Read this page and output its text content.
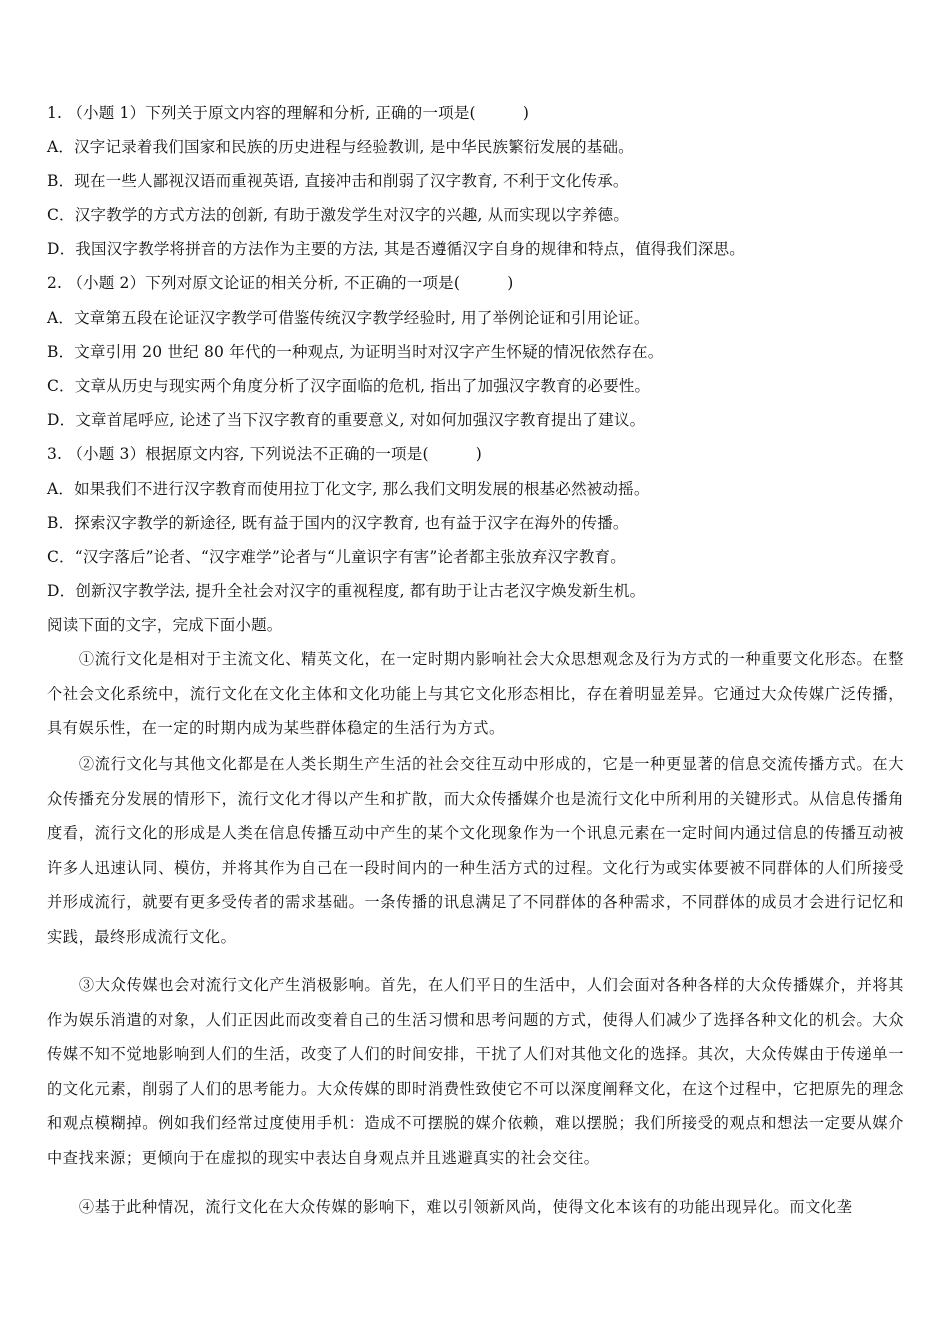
1. （小题 1）下列关于原文内容的理解和分析, 正确的一项是(　　　)
A．汉字记录着我们国家和民族的历史进程与经验教训, 是中华民族繁衍发展的基础。
B．现在一些人鄙视汉语而重视英语, 直接冲击和削弱了汉字教育, 不利于文化传承。
C．汉字教学的方式方法的创新, 有助于激发学生对汉字的兴趣, 从而实现以字养德。
D．我国汉字教学将拼音的方法作为主要的方法, 其是否遵循汉字自身的规律和特点，值得我们深思。
2. （小题 2）下列对原文论证的相关分析, 不正确的一项是(　　　)
A．文章第五段在论证汉字教学可借鉴传统汉字教学经验时, 用了举例论证和引用论证。
B．文章引用 20 世纪 80 年代的一种观点, 为证明当时对汉字产生怀疑的情况依然存在。
C．文章从历史与现实两个角度分析了汉字面临的危机, 指出了加强汉字教育的必要性。
D．文章首尾呼应, 论述了当下汉字教育的重要意义, 对如何加强汉字教育提出了建议。
3. （小题 3）根据原文内容, 下列说法不正确的一项是(　　　)
A．如果我们不进行汉字教育而使用拉丁化文字, 那么我们文明发展的根基必然被动摇。
B．探索汉字教学的新途径, 既有益于国内的汉字教育, 也有益于汉字在海外的传播。
C．“汉字落后”论者、“汉字难学”论者与“儿童识字有害”论者都主张放弃汉字教育。
D．创新汉字教学法, 提升全社会对汉字的重视程度, 都有助于让古老汉字焕发新生机。
阅读下面的文字，完成下面小题。

①流行文化是相对于主流文化、精英文化，在一定时期内影响社会大众思想观念及行为方式的一种重要文化形态。在整个社会文化系统中，流行文化在文化主体和文化功能上与其它文化形态相比，存在着明显差异。它通过大众传媒广泛传播，具有娱乐性，在一定的时期内成为某些群体稳定的生活行为方式。

②流行文化与其他文化都是在人类长期生产生活的社会交往互动中形成的，它是一种更显著的信息交流传播方式。在大众传播充分发展的情形下，流行文化才得以产生和扩散，而大众传播媒介也是流行文化中所利用的关键形式。从信息传播角度看，流行文化的形成是人类在信息传播互动中产生的某个文化现象作为一个讯息元素在一定时间内通过信息的传播互动被许多人迅速认同、模仿，并将其作为自己在一段时间内的一种生活方式的过程。文化行为或实体要被不同群体的人们所接受并形成流行，就要有更多受传者的需求基础。一条传播的讯息满足了不同群体的各种需求，不同群体的成员才会进行记忆和实践，最终形成流行文化。

③大众传媒也会对流行文化产生消极影响。首先，在人们平日的生活中，人们会面对各种各样的大众传播媒介，并将其作为娱乐消遣的对象，人们正因此而改变着自己的生活习惯和思考问题的方式，使得人们减少了选择各种文化的机会。大众传媒不知不觉地影响到人们的生活，改变了人们的时间安排，干扰了人们对其他文化的选择。其次，大众传媒由于传递单一的文化元素，削弱了人们的思考能力。大众传媒的即时消费性致使它不可以深度阐释文化，在这个过程中，它把原先的理念和观点模糊掉。例如我们经常过度使用手机：造成不可摆脱的媒介依赖，难以摆脱；我们所接受的观点和想法一定要从媒介中查找来源；更倾向于在虚拟的现实中表达自身观点并且逃避真实的社会交往。

④基于此种情况，流行文化在大众传媒的影响下，难以引领新风尚，使得文化本该有的功能出现异化。而文化垄
